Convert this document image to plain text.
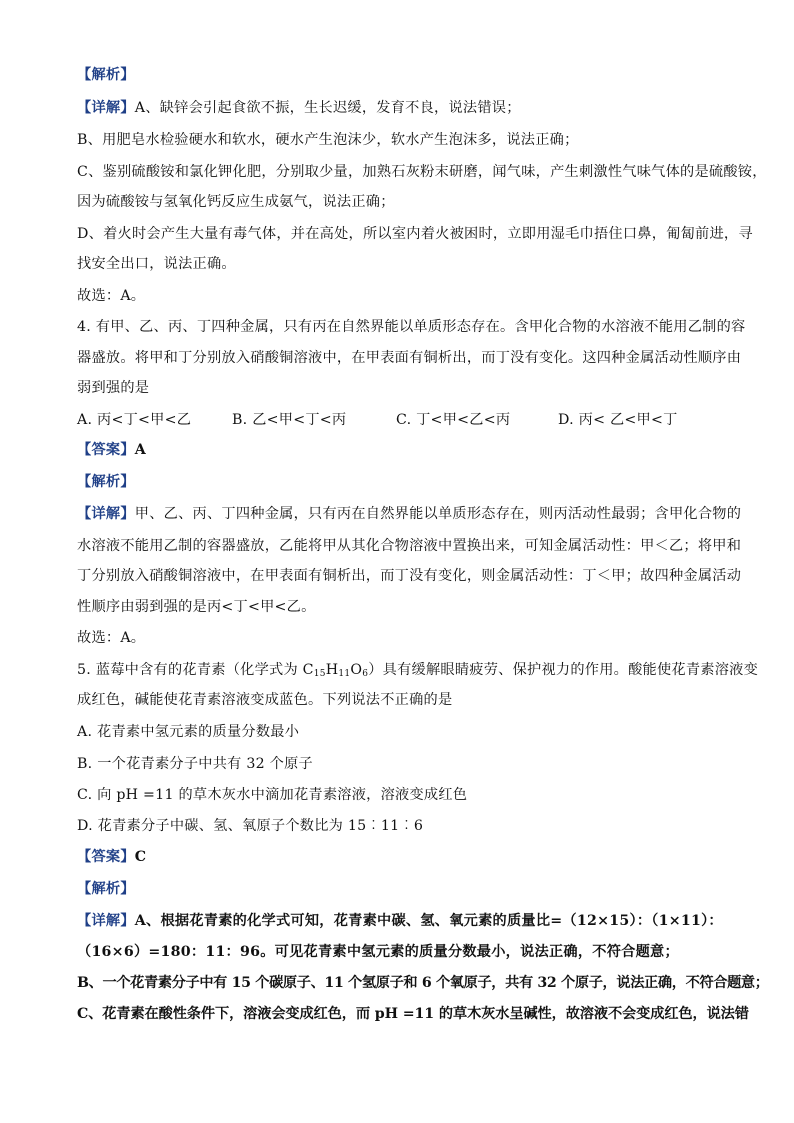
【解析】
【详解】A、缺锌会引起食欲不振，生长迟缓，发育不良，说法错误；
B、用肥皂水检验硬水和软水，硬水产生泡沫少，软水产生泡沫多，说法正确；
C、鉴别硫酸铵和氯化钾化肥，分别取少量，加熟石灰粉末研磨，闻气味，产生刺激性气味气体的是硫酸铵，
因为硫酸铵与氢氧化钙反应生成氨气，说法正确；
D、着火时会产生大量有毒气体，并在高处，所以室内着火被困时，立即用湿毛巾捂住口鼻，匍匐前进，寻
找安全出口，说法正确。
故选：A。
4. 有甲、乙、丙、丁四种金属，只有丙在自然界能以单质形态存在。含甲化合物的水溶液不能用乙制的容
器盛放。将甲和丁分别放入硝酸铜溶液中，在甲表面有铜析出，而丁没有变化。这四种金属活动性顺序由
弱到强的是
A. 丙<丁<甲<乙	B. 乙<甲<丁<丙	C. 丁<甲<乙<丙	D. 丙< 乙<甲<丁
【答案】A
【解析】
【详解】甲、乙、丙、丁四种金属，只有丙在自然界能以单质形态存在，则丙活动性最弱；含甲化合物的
水溶液不能用乙制的容器盛放，乙能将甲从其化合物溶液中置换出来，可知金属活动性：甲＜乙；将甲和
丁分别放入硝酸铜溶液中，在甲表面有铜析出，而丁没有变化，则金属活动性：丁＜甲；故四种金属活动
性顺序由弱到强的是丙<丁<甲<乙。
故选：A。
5. 蓝莓中含有的花青素（化学式为 $C_{15}H_{11}O_6$）具有缓解眼睛疲劳、保护视力的作用。酸能使花青素溶液变
成红色，碱能使花青素溶液变成蓝色。下列说法不正确的是
A. 花青素中氢元素的质量分数最小
B. 一个花青素分子中共有 32 个原子
C. 向 pH =11 的草木灰水中滴加花青素溶液，溶液变成红色
D. 花青素分子中碳、氢、氧原子个数比为 15︰11︰6
【答案】C
【解析】
【详解】A、根据花青素的化学式可知，花青素中碳、氢、氧元素的质量比=（12×15）：（1×11）：
（16×6）=180：11：96。可见花青素中氢元素的质量分数最小，说法正确，不符合题意；
B、一个花青素分子中有 15 个碳原子、11 个氢原子和 6 个氧原子，共有 32 个原子，说法正确，不符合题意；
C、花青素在酸性条件下，溶液会变成红色，而 pH =11 的草木灰水呈碱性，故溶液不会变成红色，说法错
